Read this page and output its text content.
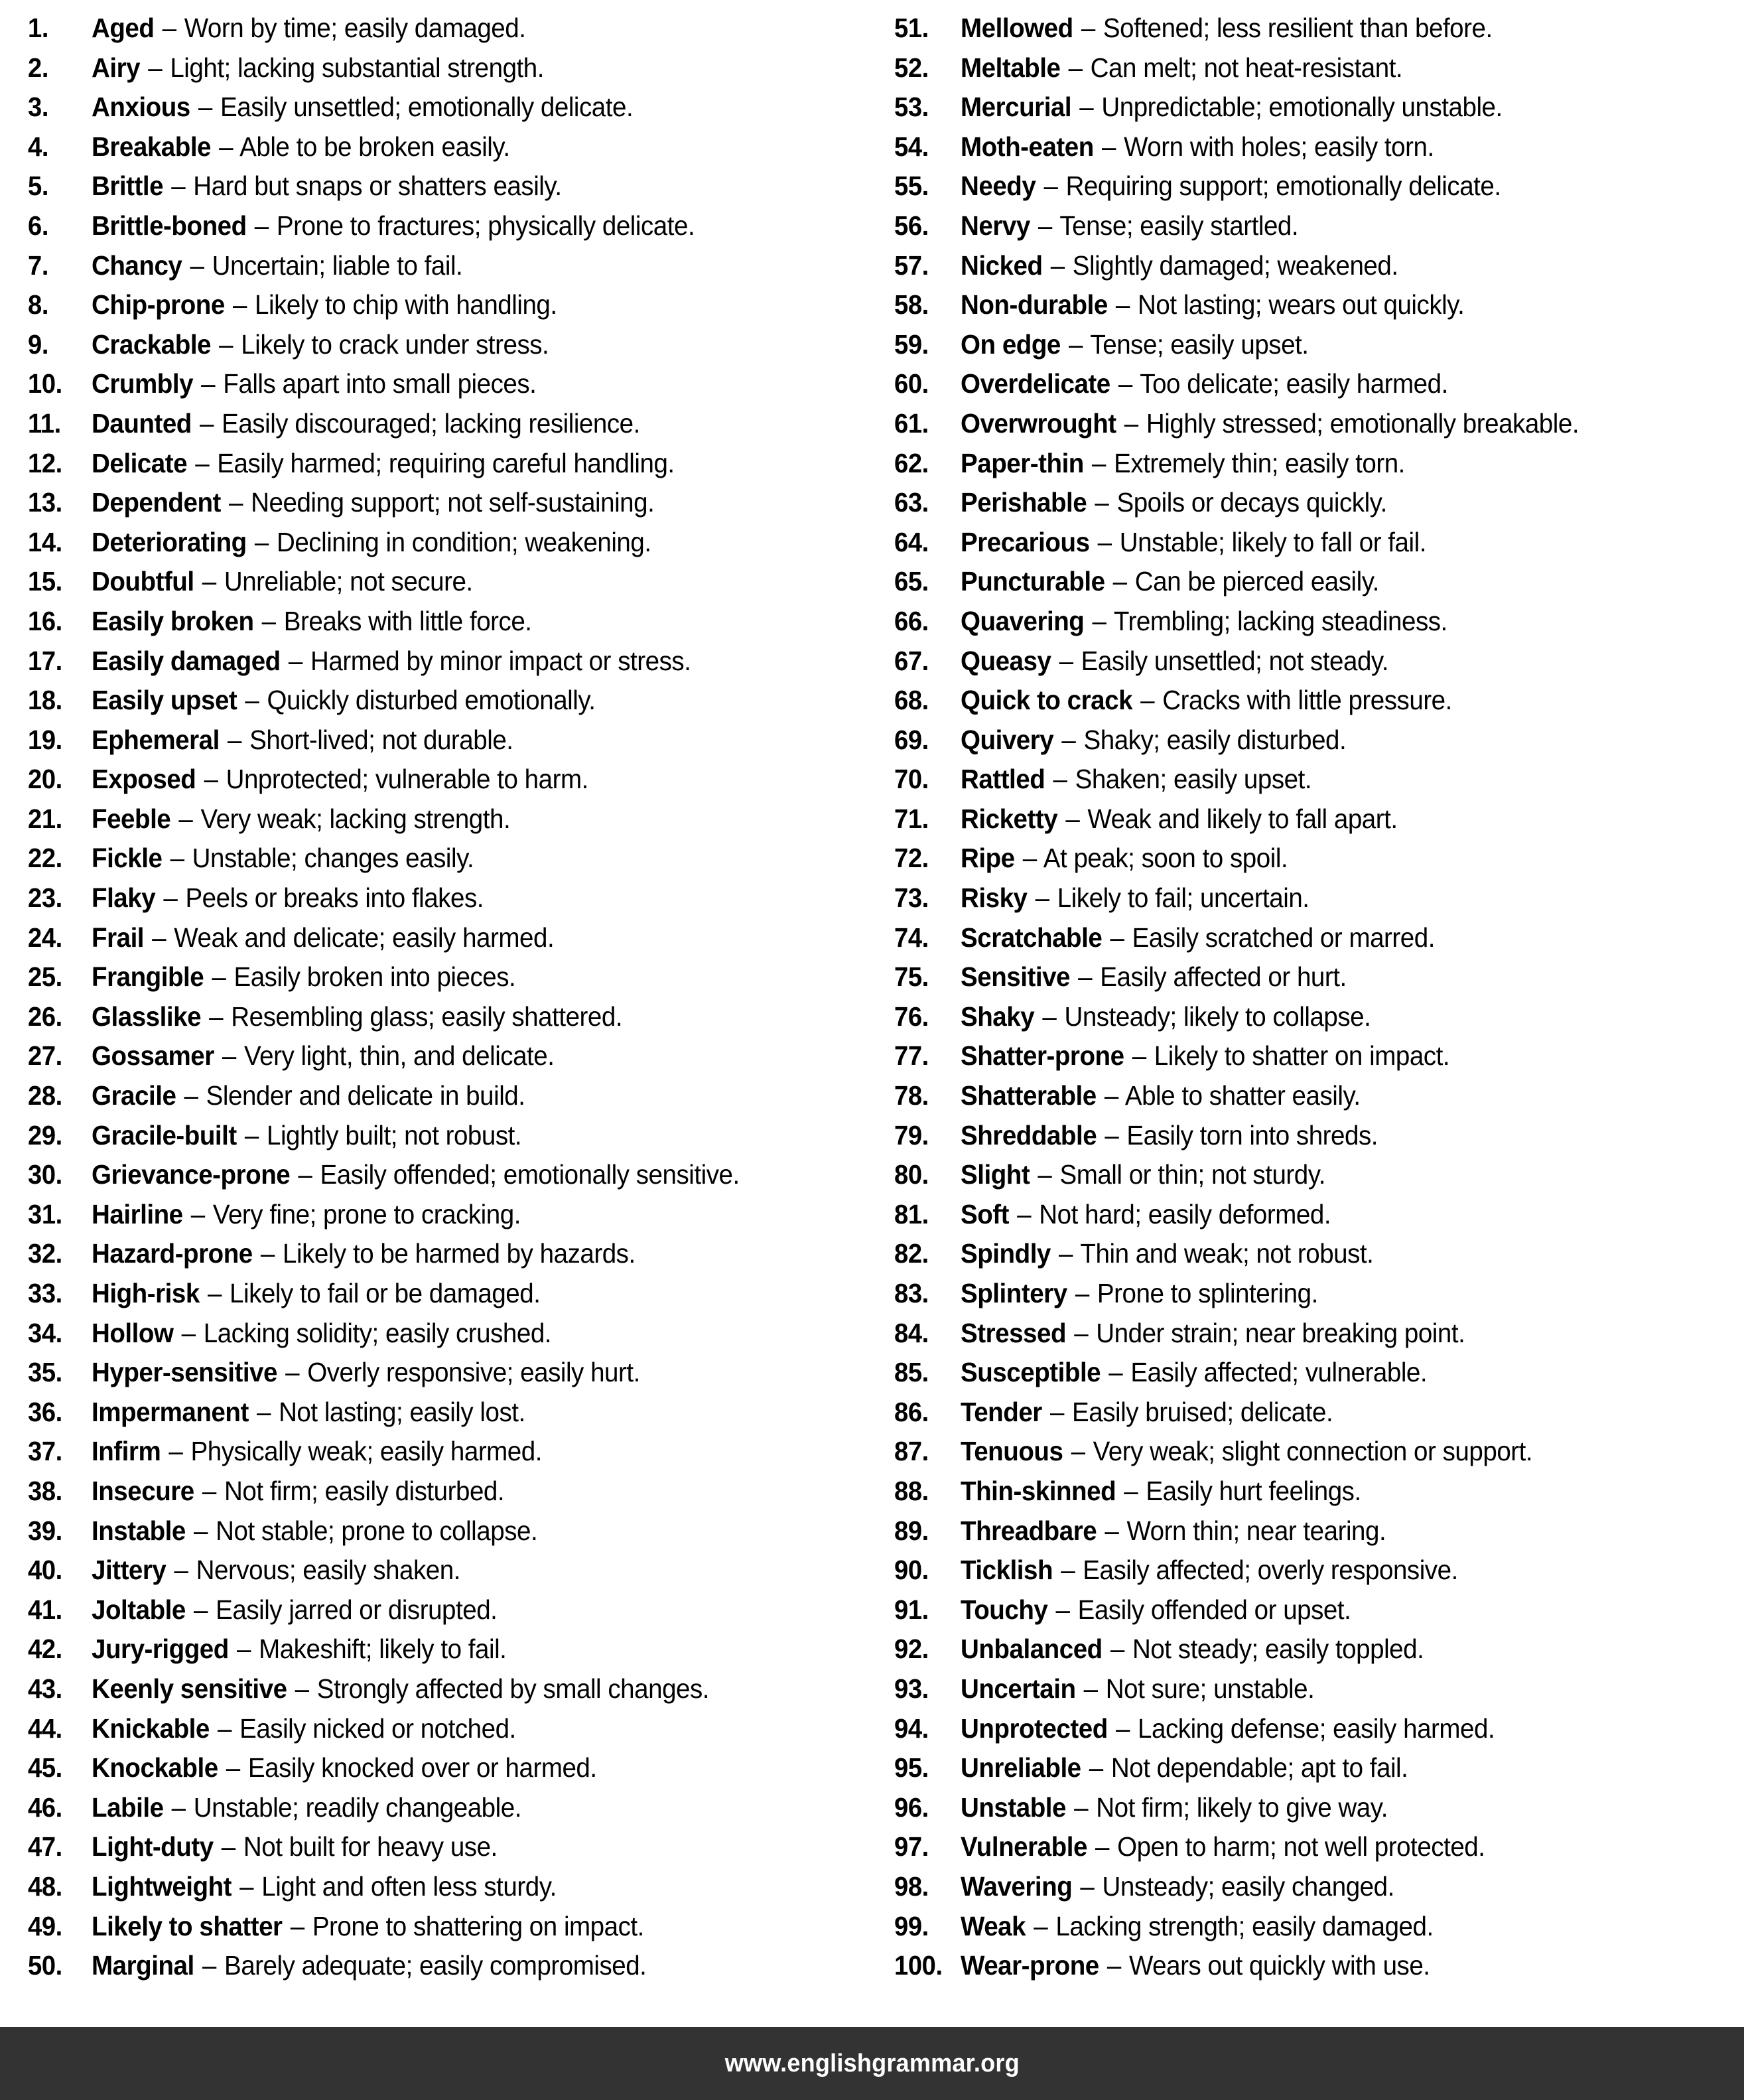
1.	Aged – Worn by time; easily damaged.
2.	Airy – Light; lacking substantial strength.
3.	Anxious – Easily unsettled; emotionally delicate.
4.	Breakable – Able to be broken easily.
5.	Brittle – Hard but snaps or shatters easily.
6.	Brittle-boned – Prone to fractures; physically delicate.
7.	Chancy – Uncertain; liable to fail.
8.	Chip-prone – Likely to chip with handling.
9.	Crackable – Likely to crack under stress.
10.	Crumbly – Falls apart into small pieces.
11.	Daunted – Easily discouraged; lacking resilience.
12.	Delicate – Easily harmed; requiring careful handling.
13.	Dependent – Needing support; not self-sustaining.
14.	Deteriorating – Declining in condition; weakening.
15.	Doubtful – Unreliable; not secure.
16.	Easily broken – Breaks with little force.
17.	Easily damaged – Harmed by minor impact or stress.
18.	Easily upset – Quickly disturbed emotionally.
19.	Ephemeral – Short-lived; not durable.
20.	Exposed – Unprotected; vulnerable to harm.
21.	Feeble – Very weak; lacking strength.
22.	Fickle – Unstable; changes easily.
23.	Flaky – Peels or breaks into flakes.
24.	Frail – Weak and delicate; easily harmed.
25.	Frangible – Easily broken into pieces.
26.	Glasslike – Resembling glass; easily shattered.
27.	Gossamer – Very light, thin, and delicate.
28.	Gracile – Slender and delicate in build.
29.	Gracile-built – Lightly built; not robust.
30.	Grievance-prone – Easily offended; emotionally sensitive.
31.	Hairline – Very fine; prone to cracking.
32.	Hazard-prone – Likely to be harmed by hazards.
33.	High-risk – Likely to fail or be damaged.
34.	Hollow – Lacking solidity; easily crushed.
35.	Hyper-sensitive – Overly responsive; easily hurt.
36.	Impermanent – Not lasting; easily lost.
37.	Infirm – Physically weak; easily harmed.
38.	Insecure – Not firm; easily disturbed.
39.	Instable – Not stable; prone to collapse.
40.	Jittery – Nervous; easily shaken.
41.	Joltable – Easily jarred or disrupted.
42.	Jury-rigged – Makeshift; likely to fail.
43.	Keenly sensitive – Strongly affected by small changes.
44.	Knickable – Easily nicked or notched.
45.	Knockable – Easily knocked over or harmed.
46.	Labile – Unstable; readily changeable.
47.	Light-duty – Not built for heavy use.
48.	Lightweight – Light and often less sturdy.
49.	Likely to shatter – Prone to shattering on impact.
50.	Marginal – Barely adequate; easily compromised.
51.	Mellowed – Softened; less resilient than before.
52.	Meltable – Can melt; not heat-resistant.
53.	Mercurial – Unpredictable; emotionally unstable.
54.	Moth-eaten – Worn with holes; easily torn.
55.	Needy – Requiring support; emotionally delicate.
56.	Nervy – Tense; easily startled.
57.	Nicked – Slightly damaged; weakened.
58.	Non-durable – Not lasting; wears out quickly.
59.	On edge – Tense; easily upset.
60.	Overdelicate – Too delicate; easily harmed.
61.	Overwrought – Highly stressed; emotionally breakable.
62.	Paper-thin – Extremely thin; easily torn.
63.	Perishable – Spoils or decays quickly.
64.	Precarious – Unstable; likely to fall or fail.
65.	Puncturable – Can be pierced easily.
66.	Quavering – Trembling; lacking steadiness.
67.	Queasy – Easily unsettled; not steady.
68.	Quick to crack – Cracks with little pressure.
69.	Quivery – Shaky; easily disturbed.
70.	Rattled – Shaken; easily upset.
71.	Ricketty – Weak and likely to fall apart.
72.	Ripe – At peak; soon to spoil.
73.	Risky – Likely to fail; uncertain.
74.	Scratchable – Easily scratched or marred.
75.	Sensitive – Easily affected or hurt.
76.	Shaky – Unsteady; likely to collapse.
77.	Shatter-prone – Likely to shatter on impact.
78.	Shatterable – Able to shatter easily.
79.	Shreddable – Easily torn into shreds.
80.	Slight – Small or thin; not sturdy.
81.	Soft – Not hard; easily deformed.
82.	Spindly – Thin and weak; not robust.
83.	Splintery – Prone to splintering.
84.	Stressed – Under strain; near breaking point.
85.	Susceptible – Easily affected; vulnerable.
86.	Tender – Easily bruised; delicate.
87.	Tenuous – Very weak; slight connection or support.
88.	Thin-skinned – Easily hurt feelings.
89.	Threadbare – Worn thin; near tearing.
90.	Ticklish – Easily affected; overly responsive.
91.	Touchy – Easily offended or upset.
92.	Unbalanced – Not steady; easily toppled.
93.	Uncertain – Not sure; unstable.
94.	Unprotected – Lacking defense; easily harmed.
95.	Unreliable – Not dependable; apt to fail.
96.	Unstable – Not firm; likely to give way.
97.	Vulnerable – Open to harm; not well protected.
98.	Wavering – Unsteady; easily changed.
99.	Weak – Lacking strength; easily damaged.
100. Wear-prone – Wears out quickly with use.
www.englishgrammar.org
